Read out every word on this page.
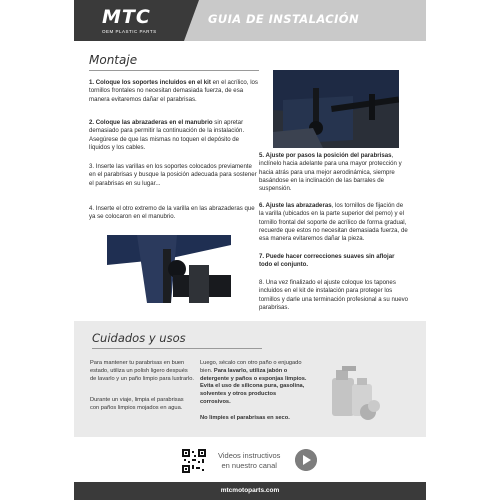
MTC
OEM PLASTIC PARTS
GUIA DE INSTALACIÓN
Montaje
1. Coloque los soportes incluidos en el kit en el acrílico, los tornillos frontales no necesitan demasiada fuerza, de esa manera evitaremos dañar el parabrisas.
2. Coloque las abrazaderas en el manubrio sin apretar demasiado para permitir la continuación de la instalación. Asegúrese de que las mismas no toquen el depósito de líquidos y los cables.
3. Inserte las varillas en los soportes colocados previamente en el parabrisas y busque la posición adecuada para sostener el parabrisas en su lugar...
4. Inserte el otro extremo de la varilla en las abrazaderas que ya se colocaron en el manubrio.
5. Ajuste por pasos la posición del parabrisas, inclínelo hacia adelante para una mayor protección y hacia atrás para una mejor aerodinámica, siempre basándose en la inclinación de las barrales de suspensión.
6. Ajuste las abrazaderas, los tornillos de fijación de la varilla (ubicados en la parte superior del perno) y el tornillo frontal del soporte de acrílico de forma gradual, recuerde que estos no necesitan demasiada fuerza, de esa manera evitaremos dañar la pieza.
7. Puede hacer correcciones suaves sin aflojar todo el conjunto.
8. Una vez finalizado el ajuste coloque los tapones incluidos en el kit de instalación para proteger los tornillos y darle una terminación profesional a su nuevo parabrisas.
Cuidados y usos
Para mantener tu parabrisas en buen estado, utiliza un polish ligero después de lavarlo y un paño limpio para lustrarlo.
Durante un viaje, limpia el parabrisas con paños limpios mojados en agua.
Luego, sécalo con otro paño o enjugado bien. Para lavarlo, utiliza jabón o detergente y paños o esponjas limpios. Evita el uso de silicona pura, gasolina, solventes y otros productos corrosivos.
No limpies el parabrisas en seco.
Videos instructivos
en nuestro canal
mtcmotoparts.com
